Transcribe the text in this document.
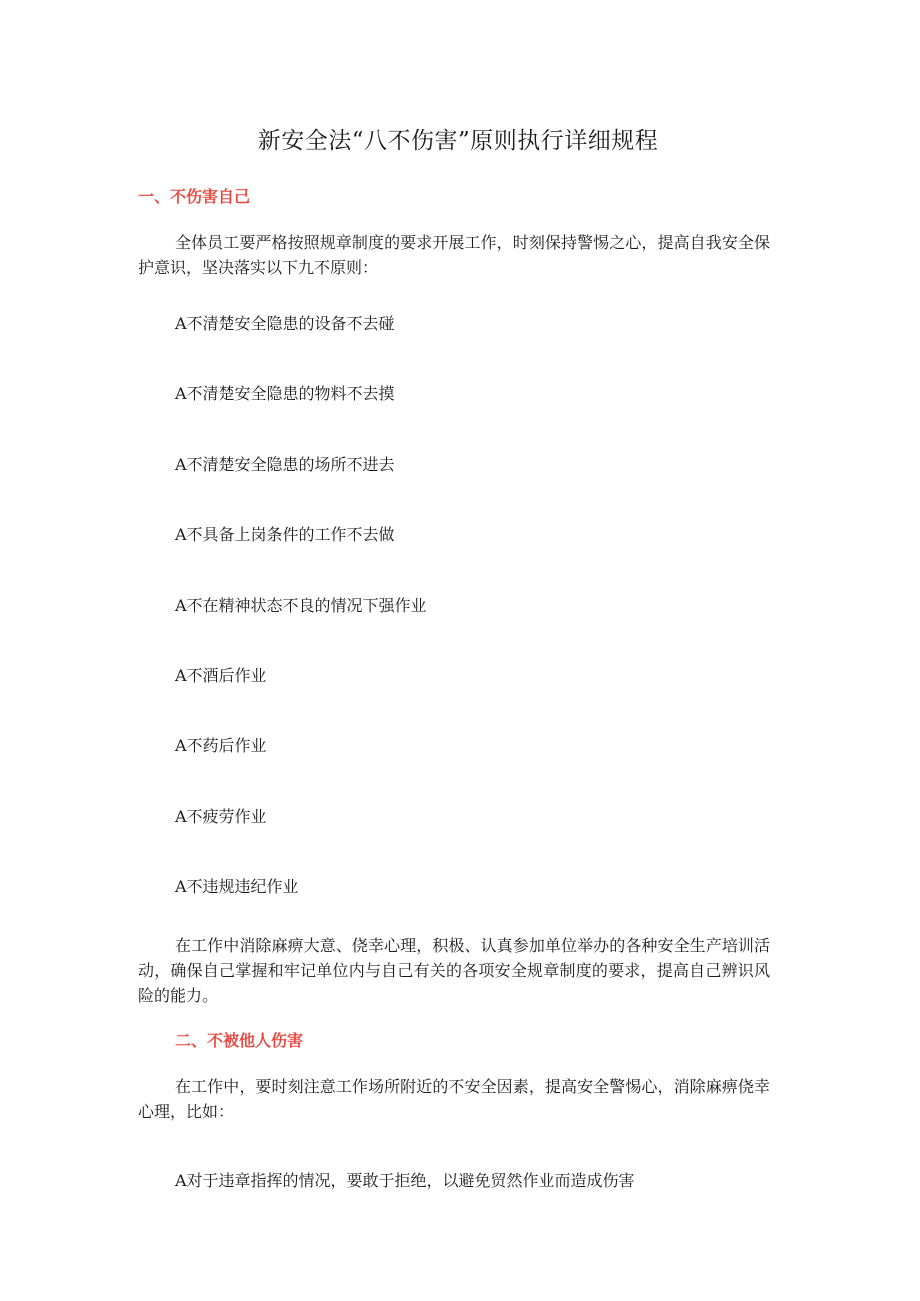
新安全法“八不伤害”原则执行详细规程
一、不伤害自己
全体员工要严格按照规章制度的要求开展工作，时刻保持警惕之心，提高自我安全保护意识，坚决落实以下九不原则：
A不清楚安全隐患的设备不去碰
A不清楚安全隐患的物料不去摸
A不清楚安全隐患的场所不进去
A不具备上岗条件的工作不去做
A不在精神状态不良的情况下强作业
A不酒后作业
A不药后作业
A不疲劳作业
A不违规违纪作业
在工作中消除麻痹大意、侥幸心理，积极、认真参加单位举办的各种安全生产培训活动，确保自己掌握和牢记单位内与自己有关的各项安全规章制度的要求，提高自己辨识风险的能力。
二、不被他人伤害
在工作中，要时刻注意工作场所附近的不安全因素，提高安全警惕心，消除麻痹侥幸心理，比如：
A对于违章指挥的情况，要敢于拒绝，以避免贸然作业而造成伤害
